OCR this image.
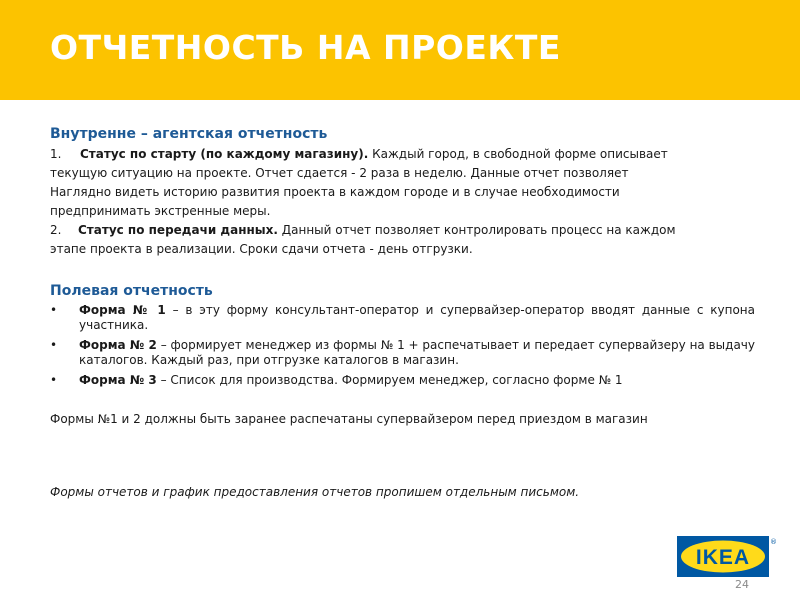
ОТЧЕТНОСТЬ НА ПРОЕКТЕ
Внутренне – агентская отчетность
1. Статус по старту (по каждому магазину). Каждый город, в свободной форме описывает
текущую ситуацию на проекте. Отчет сдается - 2 раза в неделю. Данные отчет позволяет
Наглядно видеть историю развития проекта в каждом городе и в случае необходимости
предпринимать экстренные меры.
2. Статус по передачи данных. Данный отчет позволяет контролировать процесс на каждом
этапе проекта в реализации. Сроки сдачи отчета - день отгрузки.
Полевая отчетность
• Форма № 1 – в эту форму консультант-оператор и супервайзер-оператор вводят данные с купона участника.
• Форма № 2 – формирует менеджер из формы № 1 + распечатывает и передает супервайзеру на выдачу каталогов. Каждый раз, при отгрузке каталогов в магазин.
• Форма № 3 – Список для производства. Формируем менеджер, согласно форме № 1
Формы №1 и 2 должны быть заранее распечатаны супервайзером перед приездом в магазин
Формы отчетов и график предоставления отчетов пропишем отдельным письмом.
IKEA
®
24
